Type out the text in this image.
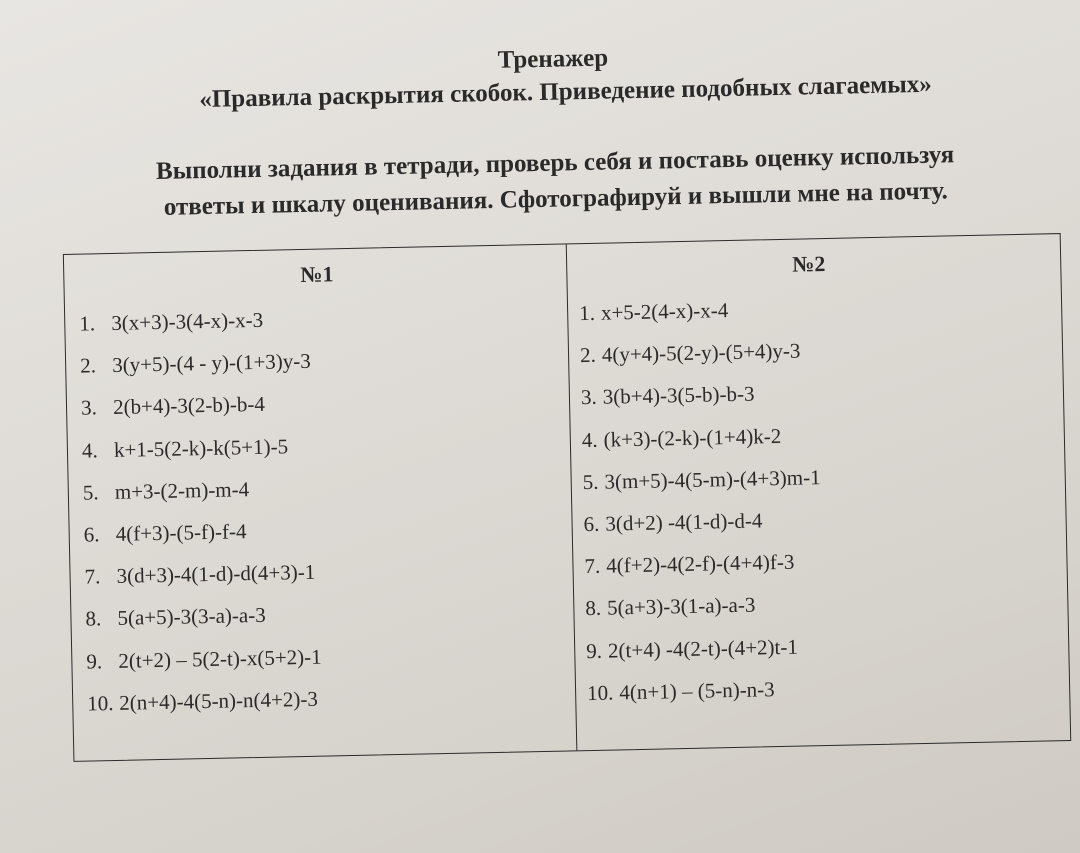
Тренажер
«Правила раскрытия скобок. Приведение подобных слагаемых»
Выполни задания в тетради, проверь себя и поставь оценку используя
ответы и шкалу оценивания. Сфотографируй и вышли мне на почту.
№1	№2
1. 3(x+3)-3(4-x)-x-3
2. 3(y+5)-(4 - y)-(1+3)y-3
3. 2(b+4)-3(2-b)-b-4
4. k+1-5(2-k)-k(5+1)-5
5. m+3-(2-m)-m-4
6. 4(f+3)-(5-f)-f-4
7. 3(d+3)-4(1-d)-d(4+3)-1
8. 5(a+5)-3(3-a)-a-3
9. 2(t+2) – 5(2-t)-x(5+2)-1
10. 2(n+4)-4(5-n)-n(4+2)-3
1. x+5-2(4-x)-x-4
2. 4(y+4)-5(2-y)-(5+4)y-3
3. 3(b+4)-3(5-b)-b-3
4. (k+3)-(2-k)-(1+4)k-2
5. 3(m+5)-4(5-m)-(4+3)m-1
6. 3(d+2) -4(1-d)-d-4
7. 4(f+2)-4(2-f)-(4+4)f-3
8. 5(a+3)-3(1-a)-a-3
9. 2(t+4) -4(2-t)-(4+2)t-1
10. 4(n+1) – (5-n)-n-3
